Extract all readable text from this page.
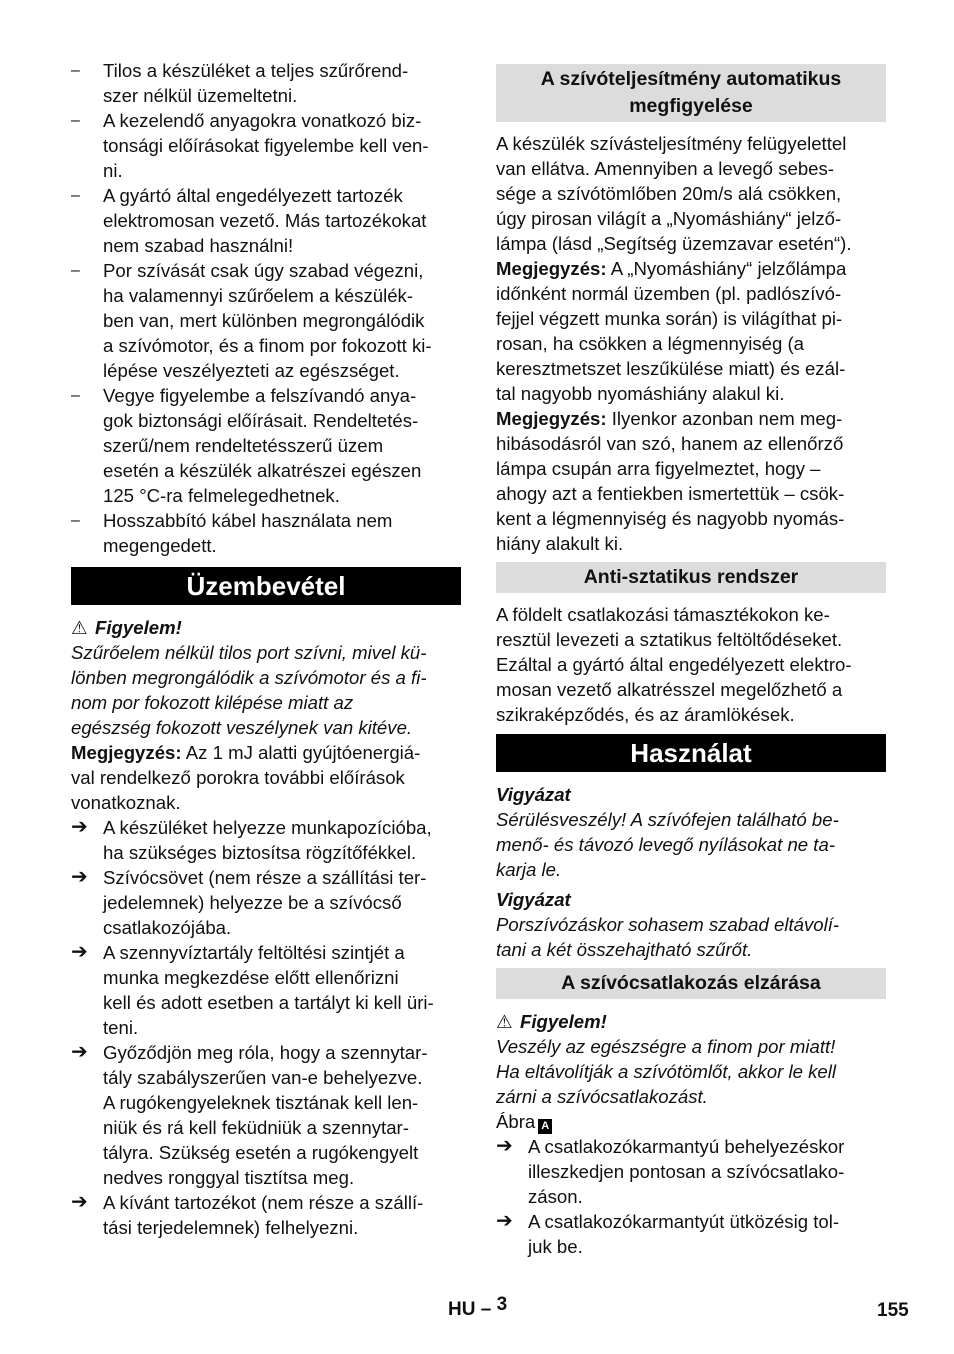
–	Tilos a készüléket a teljes szűrőrend-
szer nélkül üzemeltetni.

–	A kezelendő anyagokra vonatkozó biz-
tonsági előírásokat figyelembe kell ven-
ni.

–	A gyártó által engedélyezett tartozék
elektromosan vezető. Más tartozékokat
nem szabad használni!

–	Por szívását csak úgy szabad végezni,
ha valamennyi szűrőelem a készülék-
ben van, mert különben megrongálódik
a szívómotor, és a finom por fokozott ki-
lépése veszélyezteti az egészséget.

–	Vegye figyelembe a felszívandó anya-
gok biztonsági előírásait. Rendeltetés-
szerű/nem rendeltetésszerű üzem
esetén a készülék alkatrészei egészen
125 °C-ra felmelegedhetnek.

–	Hosszabbító kábel használata nem
megengedett.

Üzembevétel
⚠ Figyelem!

Szűrőelem nélkül tilos port szívni, mivel kü-
lönben megrongálódik a szívómotor és a fi-
nom por fokozott kilépése miatt az
egészség fokozott veszélynek van kitéve.

Megjegyzés: Az 1 mJ alatti gyújtóenergiá-
val rendelkező porokra további előírások
vonatkoznak.

➔ A készüléket helyezze munkapozícióba,
ha szükséges biztosítsa rögzítőfékkel.

➔ Szívócsövet (nem része a szállítási ter-
jedelemnek) helyezze be a szívócső
csatlakozójába.

➔ A szennyvíztartály feltöltési szintjét a
munka megkezdése előtt ellenőrizni
kell és adott esetben a tartályt ki kell üri-
teni.

➔ Győződjön meg róla, hogy a szennytar-
tály szabályszerűen van-e behelyezve.
A rugókengyeleknek tisztának kell len-
niük és rá kell feküdniük a szennytar-
tályra. Szükség esetén a rugókengyelt
nedves ronggyal tisztítsa meg.

➔ A kívánt tartozékot (nem része a szállí-
tási terjedelemnek) felhelyezni.

A szívóteljesítmény automatikus
megfigyelése

A készülék szívásteljesítmény felügyelettel
van ellátva. Amennyiben a levegő sebes-
sége a szívótömlőben 20m/s alá csökken,
úgy pirosan világít a „Nyomáshiány“ jelző-
lámpa (lásd „Segítség üzemzavar esetén“).

Megjegyzés: A „Nyomáshiány“ jelzőlámpa
időnként normál üzemben (pl. padlószívó-
fejjel végzett munka során) is világíthat pi-
rosan, ha csökken a légmennyiség (a
keresztmetszet leszűkülése miatt) és ezál-
tal nagyobb nyomáshiány alakul ki.

Megjegyzés: Ilyenkor azonban nem meg-
hibásodásról van szó, hanem az ellenőrző
lámpa csupán arra figyelmeztet, hogy –
ahogy azt a fentiekben ismertettük – csök-
kent a légmennyiség és nagyobb nyomás-
hiány alakult ki.

Anti-sztatikus rendszer

A földelt csatlakozási támasztékokon ke-
resztül levezeti a sztatikus feltöltődéseket.
Ezáltal a gyártó által engedélyezett elektro-
mosan vezető alkatrésszel megelőzhető a
szikraképződés, és az áramlökések.

Használat

Vigyázat

Sérülésveszély! A szívófejen található be-
menő- és távozó levegő nyílásokat ne ta-
karja le.

Vigyázat

Porszívózáskor sohasem szabad eltávolí-
tani a két összehajtható szűrőt.

A szívócsatlakozás elzárása
⚠ Figyelem!

Veszély az egészségre a finom por miatt!
Ha eltávolítják a szívótömlőt, akkor le kell
zárni a szívócsatlakozást.

Ábra A

➔ A csatlakozókarmantyú behelyezéskor
illeszkedjen pontosan a szívócsatlako-
záson.

➔ A csatlakozókarmantyút ütközésig tol-
juk be.

HU – 3	155
